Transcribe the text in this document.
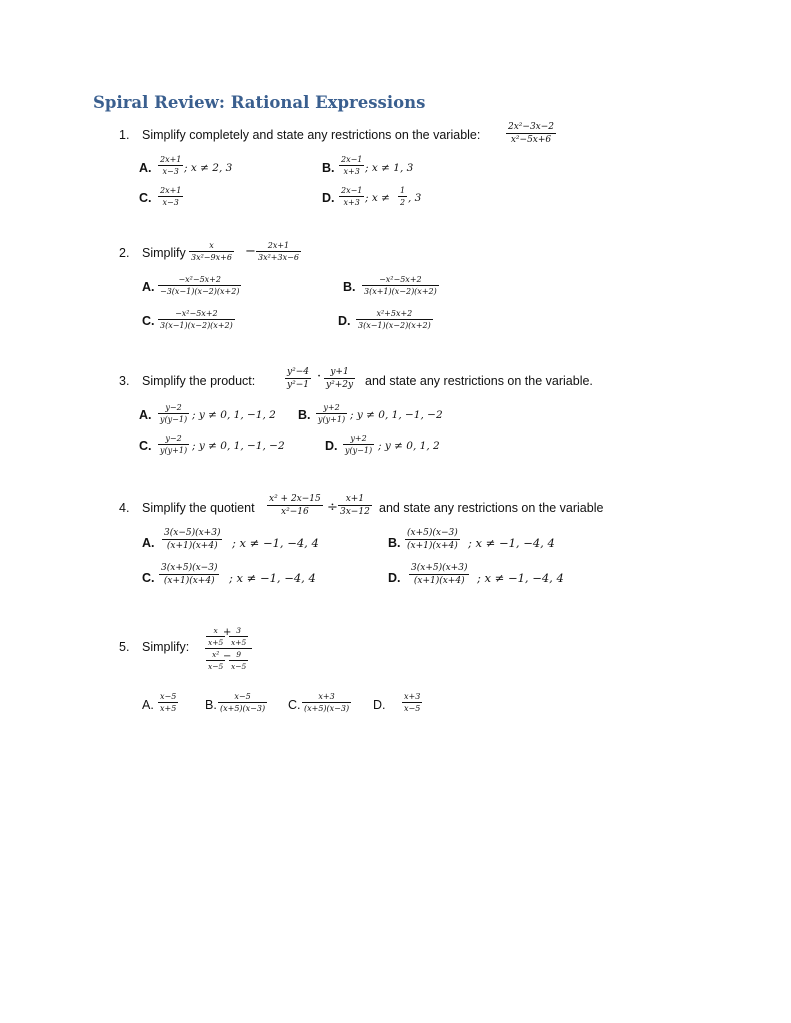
Spiral Review: Rational Expressions
1. Simplify completely and state any restrictions on the variable:
2x²−3x−2
x²−5x+6
A.
2x+1
x−3 ; x ≠ 2, 3	B.
2x−1
x+3 ; x ≠ 1, 3
C.
2x+1
x−3	D.
2x−1
x+3 ; x ≠
1
2 , 3
2. Simplify
x
3x²−9x+6 − 2x+1
3x²+3x−6
A.
−x²−5x+2
−3(x−1)(x−2)(x+2)	B.
−x²−5x+2
3(x+1)(x−2)(x+2)
C.
−x²−5x+2
3(x−1)(x−2)(x+2)	D.
x²+5x+2
3(x−1)(x−2)(x+2)
3. Simplify the product:
y²−4
y²−1
· y+1
y²+2y and state any restrictions on the variable.
A.
y−2
y(y−1) ; y ≠ 0, 1, −1, 2 B.
y+2
y(y+1) ; y ≠ 0, 1, −1, −2
C.
y−2
y(y+1) ; y ≠ 0, 1, −1, −2	D.
y+2
y(y−1) ; y ≠ 0, 1, 2
4. Simplify the quotient
x² + 2x−15
x²−16 ÷
x+1
3x−12 and state any restrictions on the variable
A.
3(x−5)(x+3)
(x+1)(x+4) ; x ≠ −1, −4, 4	B.
(x+5)(x−3)
(x+1)(x+4) ; x ≠ −1, −4, 4
C.
3(x+5)(x−3)
(x+1)(x+4) ; x ≠ −1, −4, 4	D.
3(x+5)(x+3)
(x+1)(x+4) ; x ≠ −1, −4, 4
5. Simplify:
x
x+5
+ 3
x+5
x²
x−5
− 9
x−5
A.
x−5
x+5 B.
x−5
(x+5)(x−3) C.
x+3
(x+5)(x−3) D.
x+3
x−5
